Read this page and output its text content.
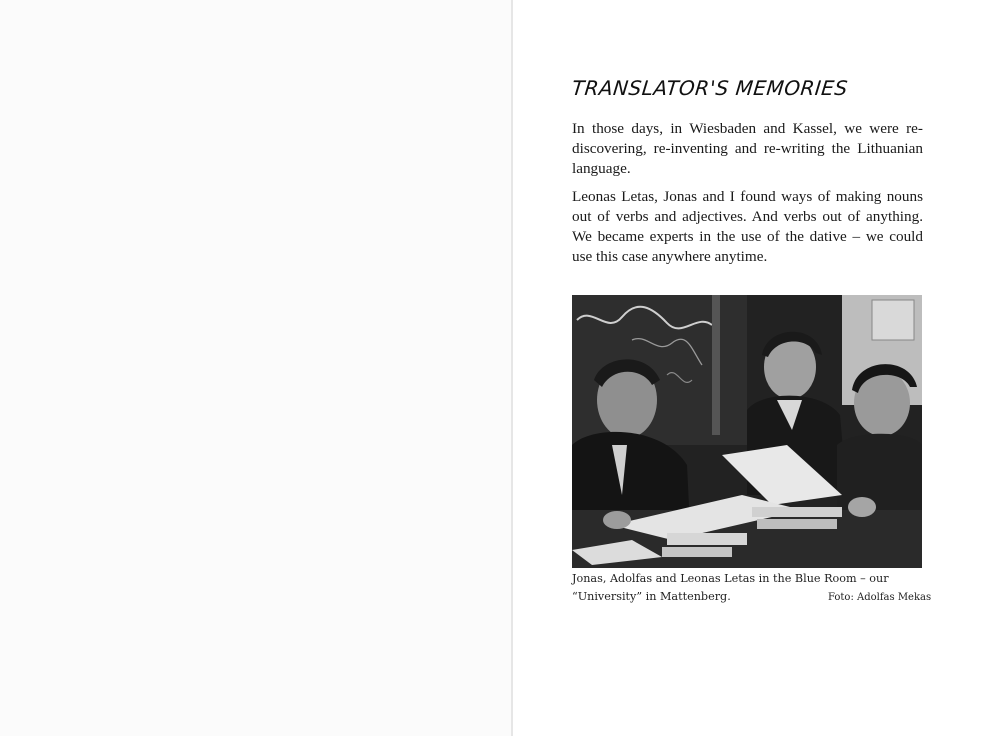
TRANSLATOR'S MEMORIES

In those days, in Wiesbaden and Kassel, we were re-discovering, re-inventing and re-writing the Lithuanian language.

Leonas Letas, Jonas and I found ways of making nouns out of verbs and adjectives. And verbs out of anything. We became experts in the use of the dative – we could use this case anywhere anytime.

Jonas, Adolfas and Leonas Letas in the Blue Room – our

“University” in Mattenberg.	Foto: Adolfas Mekas
